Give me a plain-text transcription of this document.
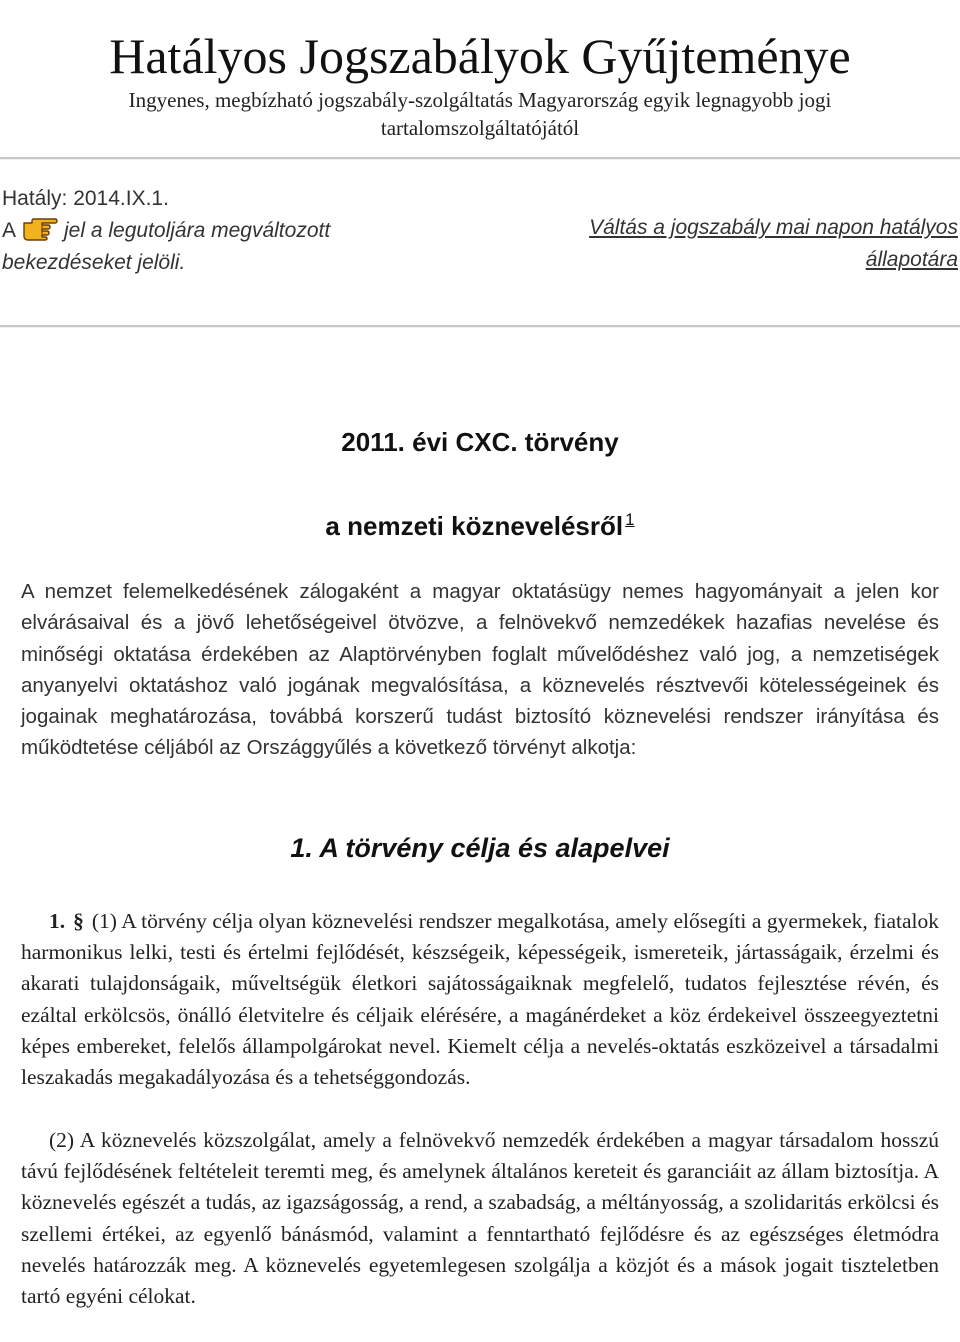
Hatályos Jogszabályok Gyűjteménye
Ingyenes, megbízható jogszabály-szolgáltatás Magyarország egyik legnagyobb jogi tartalomszolgáltatójától
Hatály: 2014.IX.1.
A jel a legutoljára megváltozott bekezdéseket jelöli.
Váltás a jogszabály mai napon hatályos állapotára
2011. évi CXC. törvény
a nemzeti köznevelésről $^1$

A nemzet felemelkedésének zálogaként a magyar oktatásügy nemes hagyományait a jelen kor elvárásaival és a jövő lehetőségeivel ötvözve, a felnövekvő nemzedékek hazafias nevelése és minőségi oktatása érdekében az Alaptörvényben foglalt művelődéshez való jog, a nemzetiségek anyanyelvi oktatáshoz való jogának megvalósítása, a köznevelés résztvevői kötelességeinek és jogainak meghatározása, továbbá korszerű tudást biztosító köznevelési rendszer irányítása és működtetése céljából az Országgyűlés a következő törvényt alkotja:

1. A törvény célja és alapelvei

1. § (1) A törvény célja olyan köznevelési rendszer megalkotása, amely elősegíti a gyermekek, fiatalok harmonikus lelki, testi és értelmi fejlődését, készségeik, képességeik, ismereteik, jártasságaik, érzelmi és akarati tulajdonságaik, műveltségük életkori sajátosságaiknak megfelelő, tudatos fejlesztése révén, és ezáltal erkölcsös, önálló életvitelre és céljaik elérésére, a magánérdeket a köz érdekeivel összeegyeztetni képes embereket, felelős állampolgárokat nevel. Kiemelt célja a nevelés-oktatás eszközeivel a társadalmi leszakadás megakadályozása és a tehetséggondozás.

(2) A köznevelés közszolgálat, amely a felnövekvő nemzedék érdekében a magyar társadalom hosszú távú fejlődésének feltételeit teremti meg, és amelynek általános kereteit és garanciáit az állam biztosítja. A köznevelés egészét a tudás, az igazságosság, a rend, a szabadság, a méltányosság, a szolidaritás erkölcsi és szellemi értékei, az egyenlő bánásmód, valamint a fenntartható fejlődésre és az egészséges életmódra nevelés határozzák meg. A köznevelés egyetemlegesen szolgálja a közjót és a mások jogait tiszteletben tartó egyéni célokat.
